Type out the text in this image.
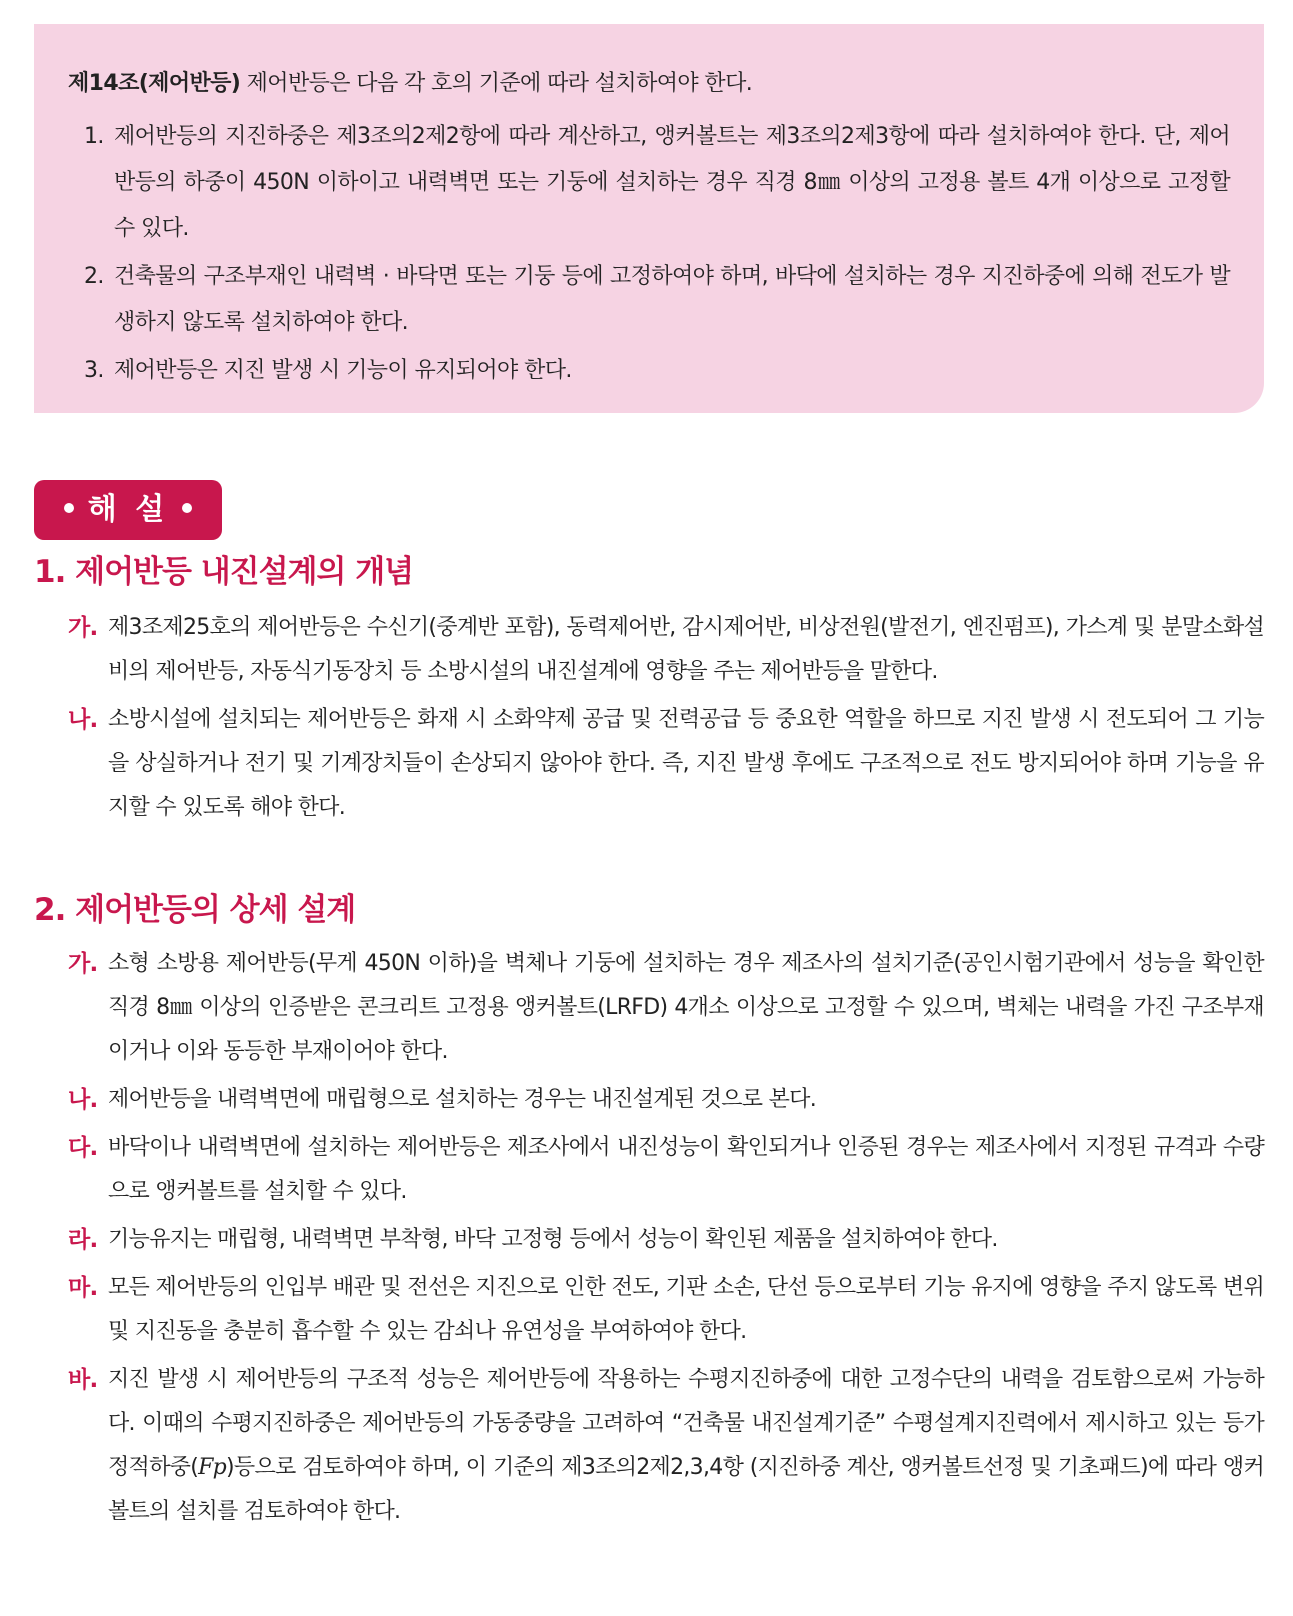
제14조(제어반등) 제어반등은 다음 각 호의 기준에 따라 설치하여야 한다.
1. 제어반등의 지진하중은 제3조의2제2항에 따라 계산하고, 앵커볼트는 제3조의2제3항에 따라 설치하여야 한다. 단, 제어반등의 하중이 450N 이하이고 내력벽면 또는 기둥에 설치하는 경우 직경 8㎜ 이상의 고정용 볼트 4개 이상으로 고정할 수 있다.
2. 건축물의 구조부재인 내력벽 · 바닥면 또는 기둥 등에 고정하여야 하며, 바닥에 설치하는 경우 지진하중에 의해 전도가 발생하지 않도록 설치하여야 한다.
3. 제어반등은 지진 발생 시 기능이 유지되어야 한다.
해 설
1. 제어반등 내진설계의 개념
가. 제3조제25호의 제어반등은 수신기(중계반 포함), 동력제어반, 감시제어반, 비상전원(발전기, 엔진펌프), 가스계 및 분말소화설비의 제어반등, 자동식기동장치 등 소방시설의 내진설계에 영향을 주는 제어반등을 말한다.
나. 소방시설에 설치되는 제어반등은 화재 시 소화약제 공급 및 전력공급 등 중요한 역할을 하므로 지진 발생 시 전도되어 그 기능을 상실하거나 전기 및 기계장치들이 손상되지 않아야 한다. 즉, 지진 발생 후에도 구조적으로 전도 방지되어야 하며 기능을 유지할 수 있도록 해야 한다.
2. 제어반등의 상세 설계
가. 소형 소방용 제어반등(무게 450N 이하)을 벽체나 기둥에 설치하는 경우 제조사의 설치기준(공인시험기관에서 성능을 확인한 직경 8㎜ 이상의 인증받은 콘크리트 고정용 앵커볼트(LRFD) 4개소 이상으로 고정할 수 있으며, 벽체는 내력을 가진 구조부재이거나 이와 동등한 부재이어야 한다.
나. 제어반등을 내력벽면에 매립형으로 설치하는 경우는 내진설계된 것으로 본다.
다. 바닥이나 내력벽면에 설치하는 제어반등은 제조사에서 내진성능이 확인되거나 인증된 경우는 제조사에서 지정된 규격과 수량으로 앵커볼트를 설치할 수 있다.
라. 기능유지는 매립형, 내력벽면 부착형, 바닥 고정형 등에서 성능이 확인된 제품을 설치하여야 한다.
마. 모든 제어반등의 인입부 배관 및 전선은 지진으로 인한 전도, 기판 소손, 단선 등으로부터 기능 유지에 영향을 주지 않도록 변위 및 지진동을 충분히 흡수할 수 있는 감쇠나 유연성을 부여하여야 한다.
바. 지진 발생 시 제어반등의 구조적 성능은 제어반등에 작용하는 수평지진하중에 대한 고정수단의 내력을 검토함으로써 가능하다. 이때의 수평지진하중은 제어반등의 가동중량을 고려하여 “건축물 내진설계기준” 수평설계지진력에서 제시하고 있는 등가정적하중(Fp)등으로 검토하여야 하며, 이 기준의 제3조의2제2,3,4항 (지진하중 계산, 앵커볼트선정 및 기초패드)에 따라 앵커볼트의 설치를 검토하여야 한다.
